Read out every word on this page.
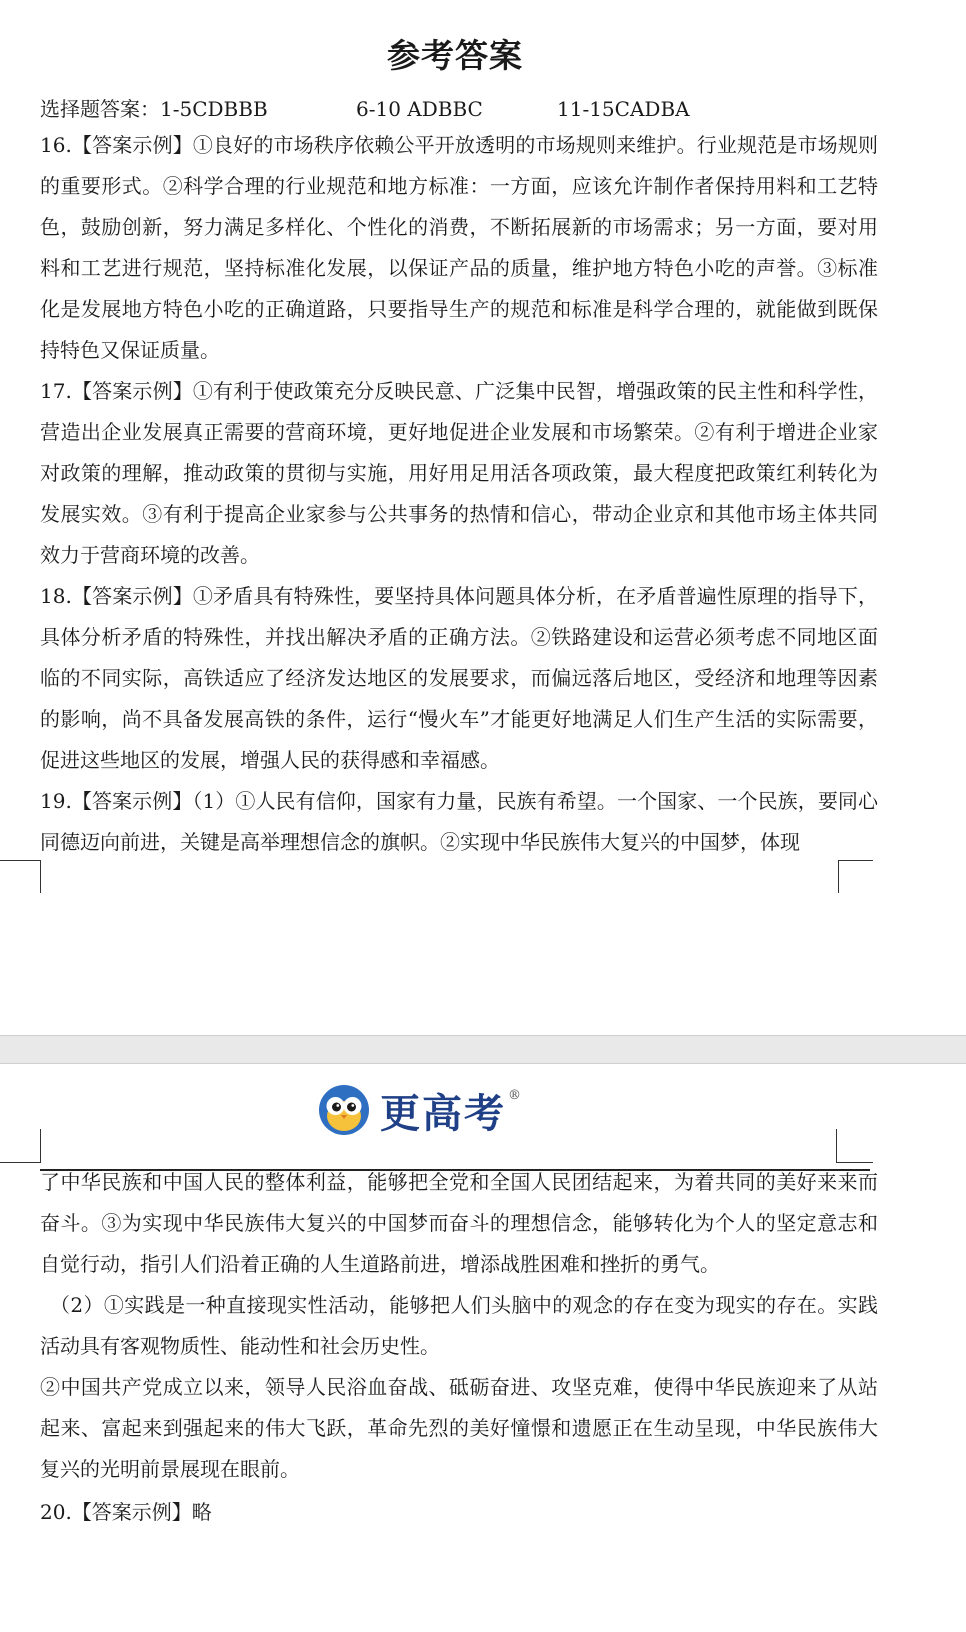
参考答案
选择题答案：1-5CDBBB	6-10 ADBBC	11-15CADBA

16.【答案示例】①良好的市场秩序依赖公平开放透明的市场规则来维护。行业规范是市场规则的重要形式。②科学合理的行业规范和地方标准：一方面，应该允许制作者保持用料和工艺特色，鼓励创新，努力满足多样化、个性化的消费，不断拓展新的市场需求；另一方面，要对用料和工艺进行规范，坚持标准化发展，以保证产品的质量，维护地方特色小吃的声誉。③标准化是发展地方特色小吃的正确道路，只要指导生产的规范和标准是科学合理的，就能做到既保持特色又保证质量。

17.【答案示例】①有利于使政策充分反映民意、广泛集中民智，增强政策的民主性和科学性，营造出企业发展真正需要的营商环境，更好地促进企业发展和市场繁荣。②有利于增进企业家对政策的理解，推动政策的贯彻与实施，用好用足用活各项政策，最大程度把政策红利转化为发展实效。③有利于提高企业家参与公共事务的热情和信心，带动企业京和其他市场主体共同效力于营商环境的改善。

18.【答案示例】①矛盾具有特殊性，要坚持具体问题具体分析，在矛盾普遍性原理的指导下，具体分析矛盾的特殊性，并找出解决矛盾的正确方法。②铁路建设和运营必须考虑不同地区面临的不同实际，高铁适应了经济发达地区的发展要求，而偏远落后地区，受经济和地理等因素的影响，尚不具备发展高铁的条件，运行“慢火车”才能更好地满足人们生产生活的实际需要，促进这些地区的发展，增强人民的获得感和幸福感。

19.【答案示例】（1）①人民有信仰，国家有力量，民族有希望。一个国家、一个民族，要同心同德迈向前进，关键是高举理想信念的旗帜。②实现中华民族伟大复兴的中国梦，体现

更高考 ®

了中华民族和中国人民的整体利益，能够把全党和全国人民团结起来，为着共同的美好来来而奋斗。③为实现中华民族伟大复兴的中国梦而奋斗的理想信念，能够转化为个人的坚定意志和自觉行动，指引人们沿着正确的人生道路前进，增添战胜困难和挫折的勇气。

（2）①实践是一种直接现实性活动，能够把人们头脑中的观念的存在变为现实的存在。实践活动具有客观物质性、能动性和社会历史性。

②中国共产党成立以来，领导人民浴血奋战、砥砺奋进、攻坚克难，使得中华民族迎来了从站起来、富起来到强起来的伟大飞跃，革命先烈的美好憧憬和遗愿正在生动呈现，中华民族伟大复兴的光明前景展现在眼前。

20.【答案示例】略
